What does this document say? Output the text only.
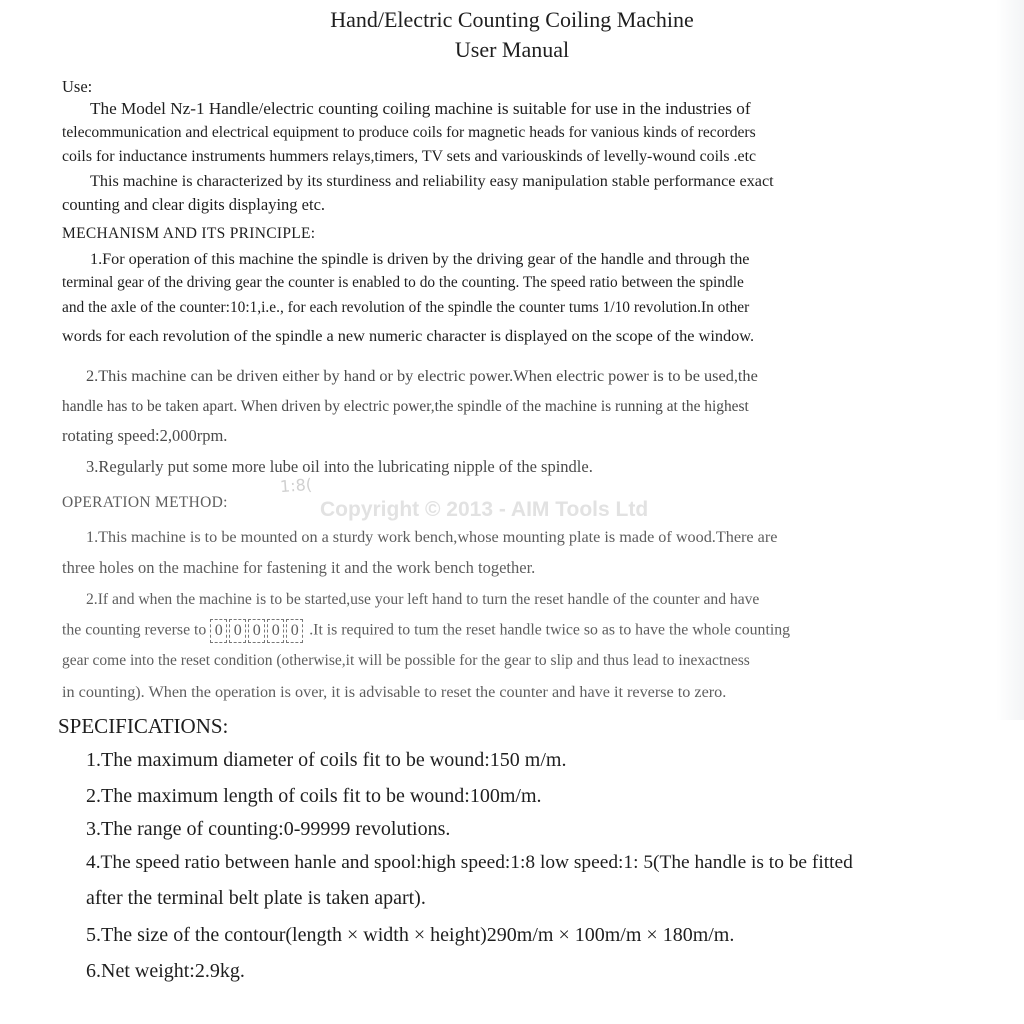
Hand/Electric Counting Coiling Machine
User Manual
Use:
The Model Nz-1 Handle/electric counting coiling machine is suitable for use in the industries of
telecommunication and electrical equipment to produce coils for magnetic heads for vanious kinds of recorders
coils for inductance instruments hummers relays,timers, TV sets and variouskinds of levelly-wound coils .etc
This machine is characterized by its sturdiness and reliability easy manipulation stable performance exact
counting and clear digits displaying etc.
MECHANISM AND ITS PRINCIPLE:
1.For operation of this machine the spindle is driven by the driving gear of the handle and through the
terminal gear of the driving gear the counter is enabled to do the counting. The speed ratio between the spindle
and the axle of the counter:10:1,i.e., for each revolution of the spindle the counter tums 1/10 revolution.In other
words for each revolution of the spindle a new numeric character is displayed on the scope of the window.
2.This machine can be driven either by hand or by electric power.When electric power is to be used,the
handle has to be taken apart. When driven by electric power,the spindle of the machine is running at the highest
rotating speed:2,000rpm.
3.Regularly put some more lube oil into the lubricating nipple of the spindle.
1:8(
OPERATION METHOD:	Copyright © 2013 - AIM Tools Ltd
1.This machine is to be mounted on a sturdy work bench,whose mounting plate is made of wood.There are
three holes on the machine for fastening it and the work bench together.
2.If and when the machine is to be started,use your left hand to turn the reset handle of the counter and have
the counting reverse to 0 0 0 0 0 .It is required to tum the reset handle twice so as to have the whole counting
gear come into the reset condition (otherwise,it will be possible for the gear to slip and thus lead to inexactness
in counting). When the operation is over, it is advisable to reset the counter and have it reverse to zero.
SPECIFICATIONS:
1.The maximum diameter of coils fit to be wound:150 m/m.
2.The maximum length of coils fit to be wound:100m/m.
3.The range of counting:0-99999 revolutions.
4.The speed ratio between hanle and spool:high speed:1:8 low speed:1: 5(The handle is to be fitted
after the terminal belt plate is taken apart).
5.The size of the contour(length × width × height)290m/m × 100m/m × 180m/m.
6.Net weight:2.9kg.
